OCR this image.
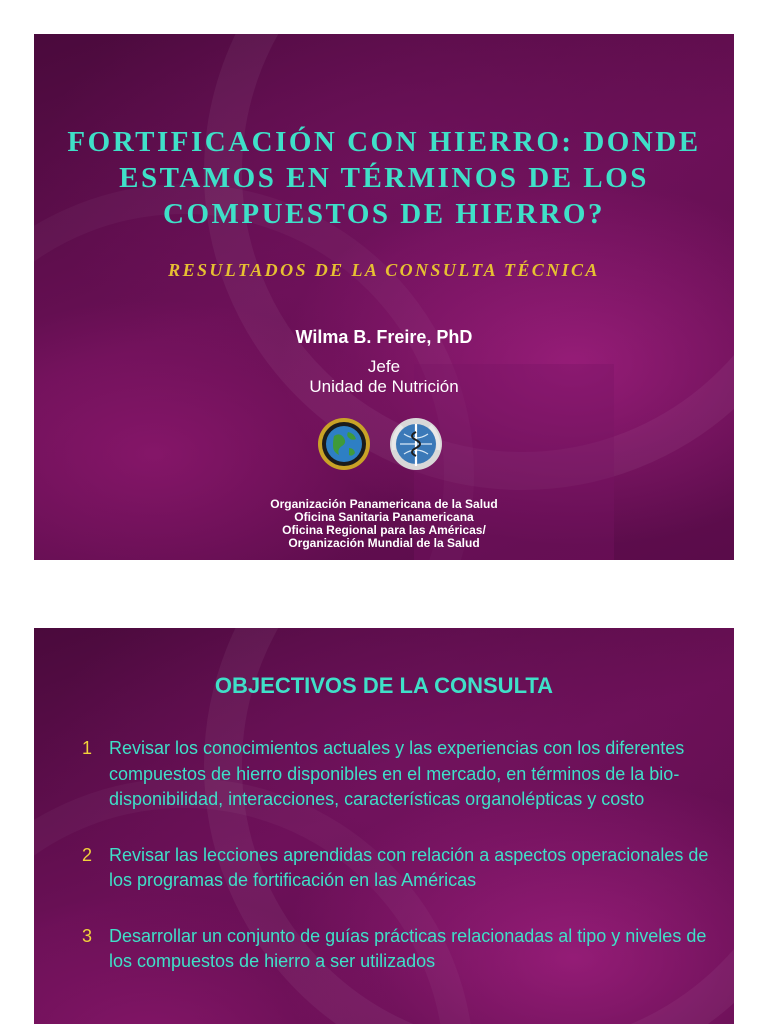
FORTIFICACIÓN CON HIERRO: DONDE
ESTAMOS EN TÉRMINOS DE LOS
COMPUESTOS DE HIERRO?
RESULTADOS DE LA CONSULTA TÉCNICA
Wilma B. Freire, PhD
Jefe
Unidad de Nutrición
Organización Panamericana de la Salud
Oficina Sanitaria Panamericana
Oficina Regional para las Américas/
Organización Mundial de la Salud
OBJECTIVOS DE LA CONSULTA
1 Revisar los conocimientos actuales y las experiencias con los diferentes compuestos de hierro disponibles en el mercado, en términos de la bio-disponibilidad, interacciones, características organolépticas y costo
2 Revisar las lecciones aprendidas con relación a aspectos operacionales de los programas de fortificación en las Américas
3 Desarrollar un conjunto de guías prácticas relacionadas al tipo y niveles de los compuestos de hierro a ser utilizados
